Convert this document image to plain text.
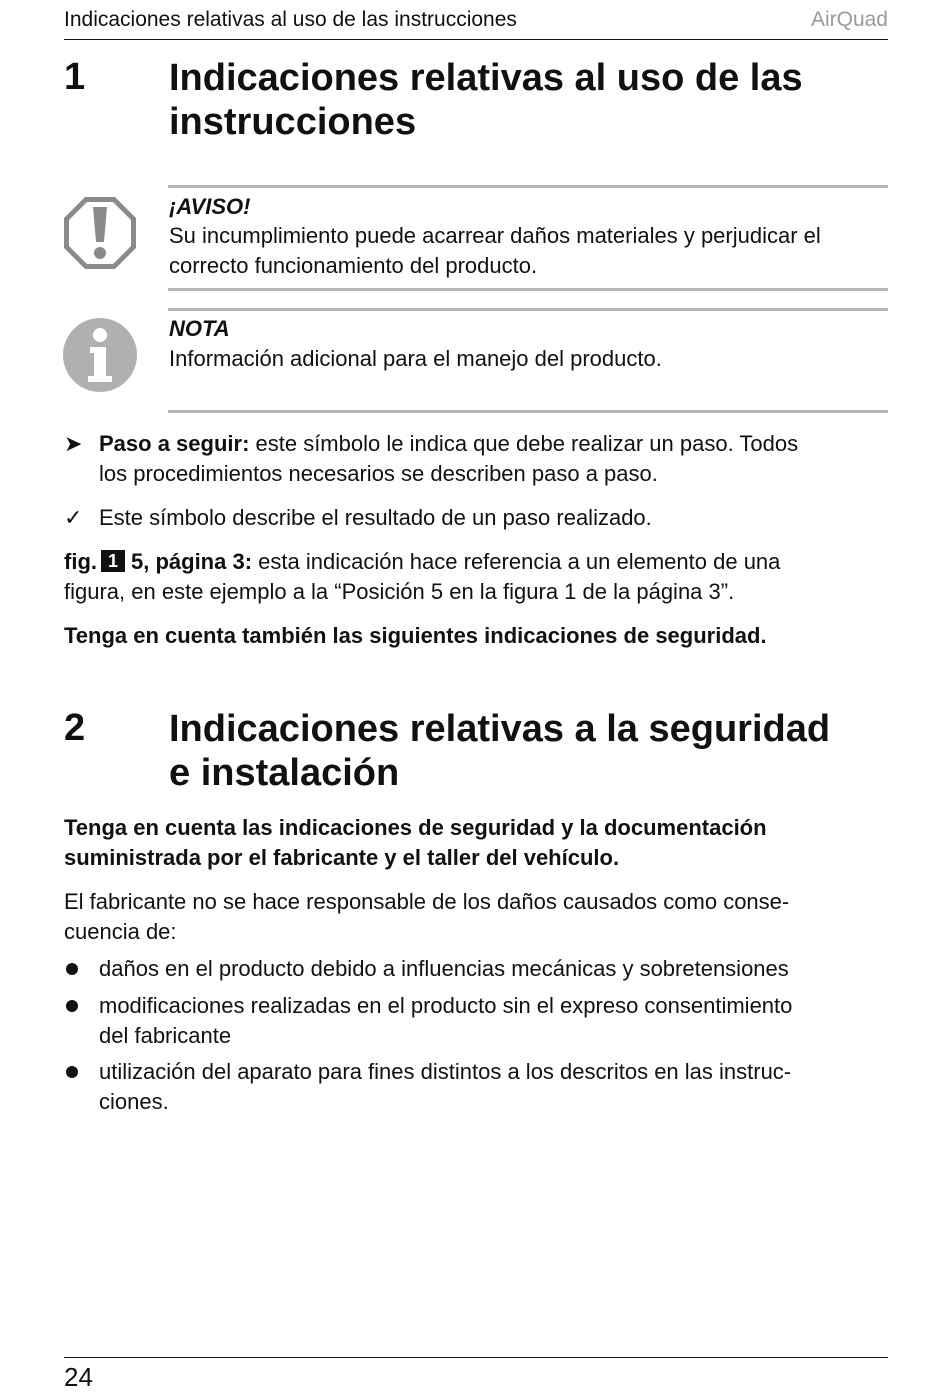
Indicaciones relativas al uso de las instrucciones	AirQuad
1 Indicaciones relativas al uso de las
instrucciones
¡AVISO!
Su incumplimiento puede acarrear daños materiales y perjudicar el
correcto funcionamiento del producto.
NOTA
Información adicional para el manejo del producto.
➤ Paso a seguir: este símbolo le indica que debe realizar un paso. Todos
los procedimientos necesarios se describen paso a paso.
✓ Este símbolo describe el resultado de un paso realizado.
fig. 1 5, página 3: esta indicación hace referencia a un elemento de una
figura, en este ejemplo a la “Posición 5 en la figura 1 de la página 3”.
Tenga en cuenta también las siguientes indicaciones de seguridad.
2 Indicaciones relativas a la seguridad
e instalación
Tenga en cuenta las indicaciones de seguridad y la documentación
suministrada por el fabricante y el taller del vehículo.
El fabricante no se hace responsable de los daños causados como conse-
cuencia de:
daños en el producto debido a influencias mecánicas y sobretensiones
modificaciones realizadas en el producto sin el expreso consentimiento
del fabricante
utilización del aparato para fines distintos a los descritos en las instruc-
ciones.
24
